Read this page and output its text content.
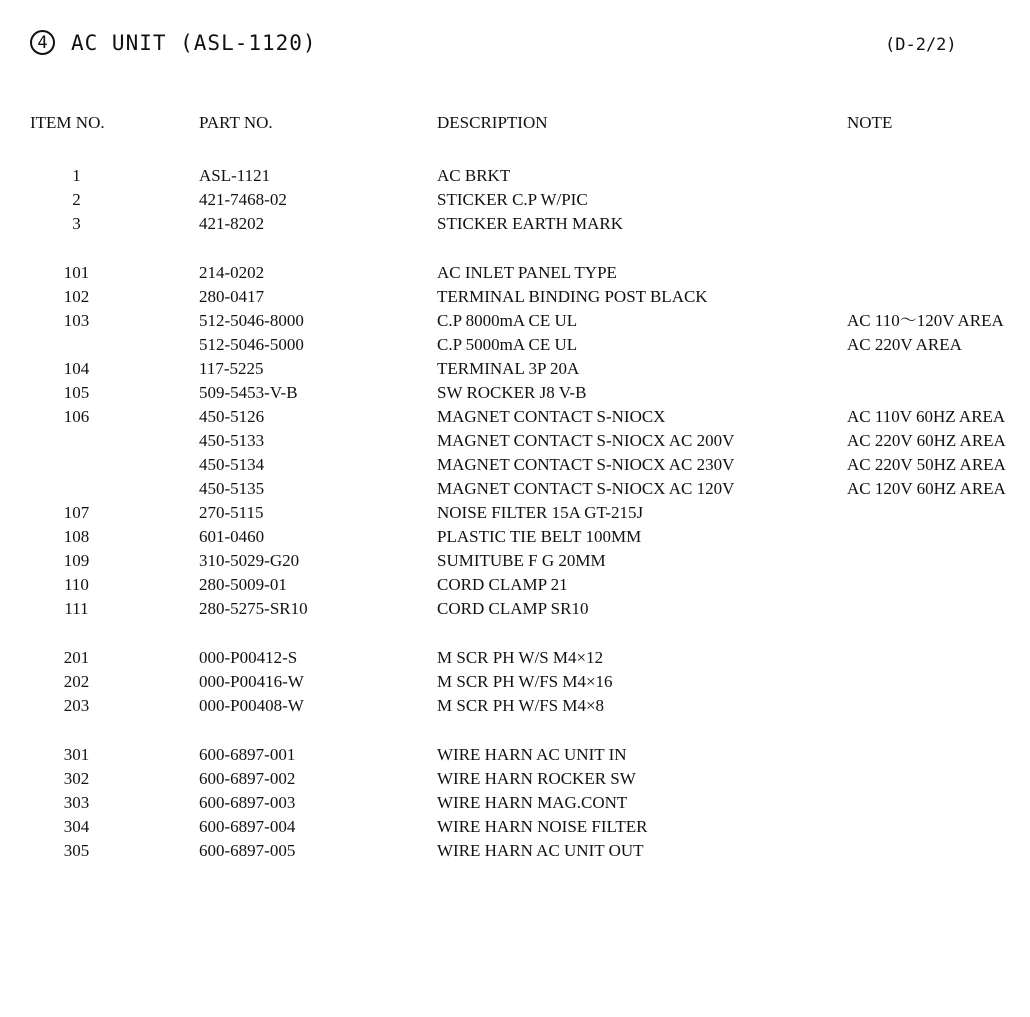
4	AC UNIT (ASL-1120)	(D-2/2)
ITEM NO.	PART NO.	DESCRIPTION	NOTE
1	ASL-1121	AC BRKT
2	421-7468-02	STICKER C.P W/PIC
3	421-8202	STICKER EARTH MARK
101	214-0202	AC INLET PANEL TYPE
102	280-0417	TERMINAL BINDING POST BLACK
103	512-5046-8000	C.P 8000mA CE UL	AC 110～120V AREA
512-5046-5000	C.P 5000mA CE UL	AC 220V AREA
104	117-5225	TERMINAL 3P 20A
105	509-5453-V-B	SW ROCKER J8 V-B
106	450-5126	MAGNET CONTACT S-NIOCX	AC 110V 60HZ AREA
450-5133	MAGNET CONTACT S-NIOCX AC 200V	AC 220V 60HZ AREA
450-5134	MAGNET CONTACT S-NIOCX AC 230V	AC 220V 50HZ AREA
450-5135	MAGNET CONTACT S-NIOCX AC 120V	AC 120V 60HZ AREA
107	270-5115	NOISE FILTER 15A GT-215J
108	601-0460	PLASTIC TIE BELT 100MM
109	310-5029-G20	SUMITUBE F G 20MM
110	280-5009-01	CORD CLAMP 21
111	280-5275-SR10	CORD CLAMP SR10
201	000-P00412-S	M SCR PH W/S M4×12
202	000-P00416-W	M SCR PH W/FS M4×16
203	000-P00408-W	M SCR PH W/FS M4×8
301	600-6897-001	WIRE HARN AC UNIT IN
302	600-6897-002	WIRE HARN ROCKER SW
303	600-6897-003	WIRE HARN MAG.CONT
304	600-6897-004	WIRE HARN NOISE FILTER
305	600-6897-005	WIRE HARN AC UNIT OUT
